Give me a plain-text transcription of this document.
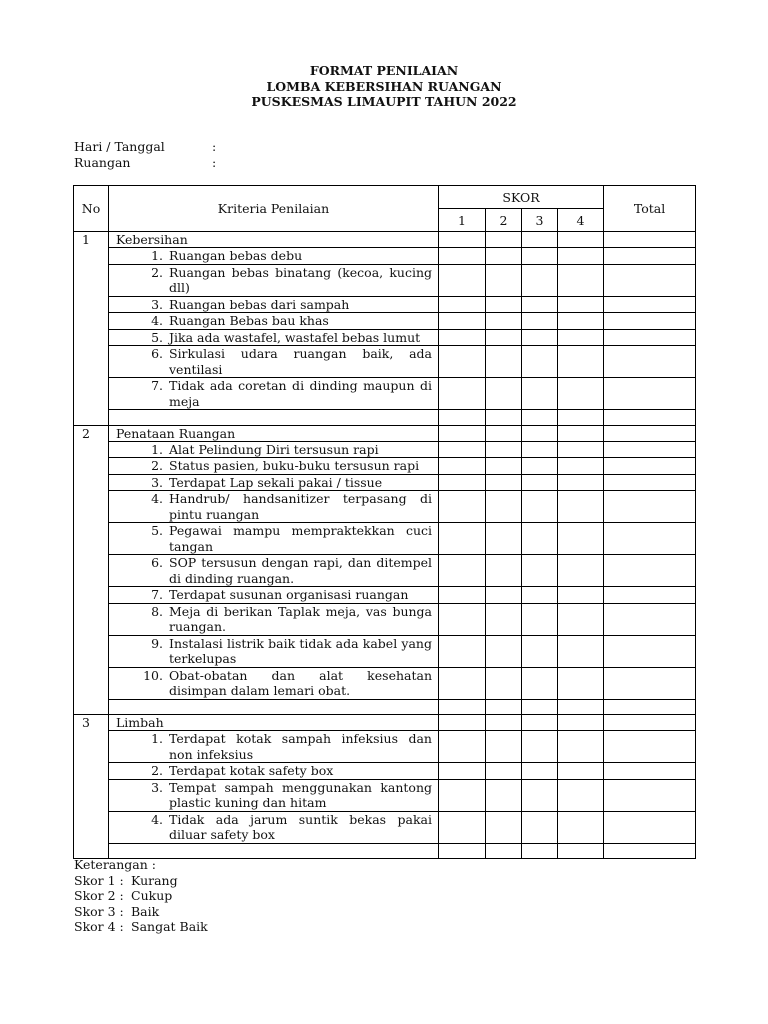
FORMAT PENILAIAN
LOMBA KEBERSIHAN RUANGAN
PUSKESMAS LIMAUPIT TAHUN 2022
Hari / Tanggal	:
Ruangan	:
No	Kriteria Penilaian	SKOR				Total
		1	2	3	4	
1	Kebersihan					

	1. Ruangan bebas debu					

	2. Ruangan bebas binatang (kecoa, kucing dll)					

	3. Ruangan bebas dari sampah					

	4. Ruangan Bebas bau khas					

	5. Jika ada wastafel, wastafel bebas lumut					

	6. Sirkulasi udara ruangan baik, ada ventilasi					

	7. Tidak ada coretan di dinding maupun di meja					

2	Penataan Ruangan					

	1. Alat Pelindung Diri tersusun rapi					

	2. Status pasien, buku-buku tersusun rapi					

	3. Terdapat Lap sekali pakai / tissue					

	4. Handrub/ handsanitizer terpasang di pintu ruangan					

	5. Pegawai mampu mempraktekkan cuci tangan					

	6. SOP tersusun dengan rapi, dan ditempel di dinding ruangan.					

	7. Terdapat susunan organisasi ruangan					

	8. Meja di berikan Taplak meja, vas bunga ruangan.					

	9. Instalasi listrik baik tidak ada kabel yang terkelupas					

	10. Obat-obatan dan alat kesehatan disimpan dalam lemari obat.					

3	Limbah					

	1. Terdapat kotak sampah infeksius dan non infeksius					

	2. Terdapat kotak safety box					

	3. Tempat sampah menggunakan kantong plastic kuning dan hitam					

	4. Tidak ada jarum suntik bekas pakai diluar safety box					

Keterangan :
Skor 1 : Kurang
Skor 2 : Cukup
Skor 3 : Baik
Skor 4 : Sangat Baik
